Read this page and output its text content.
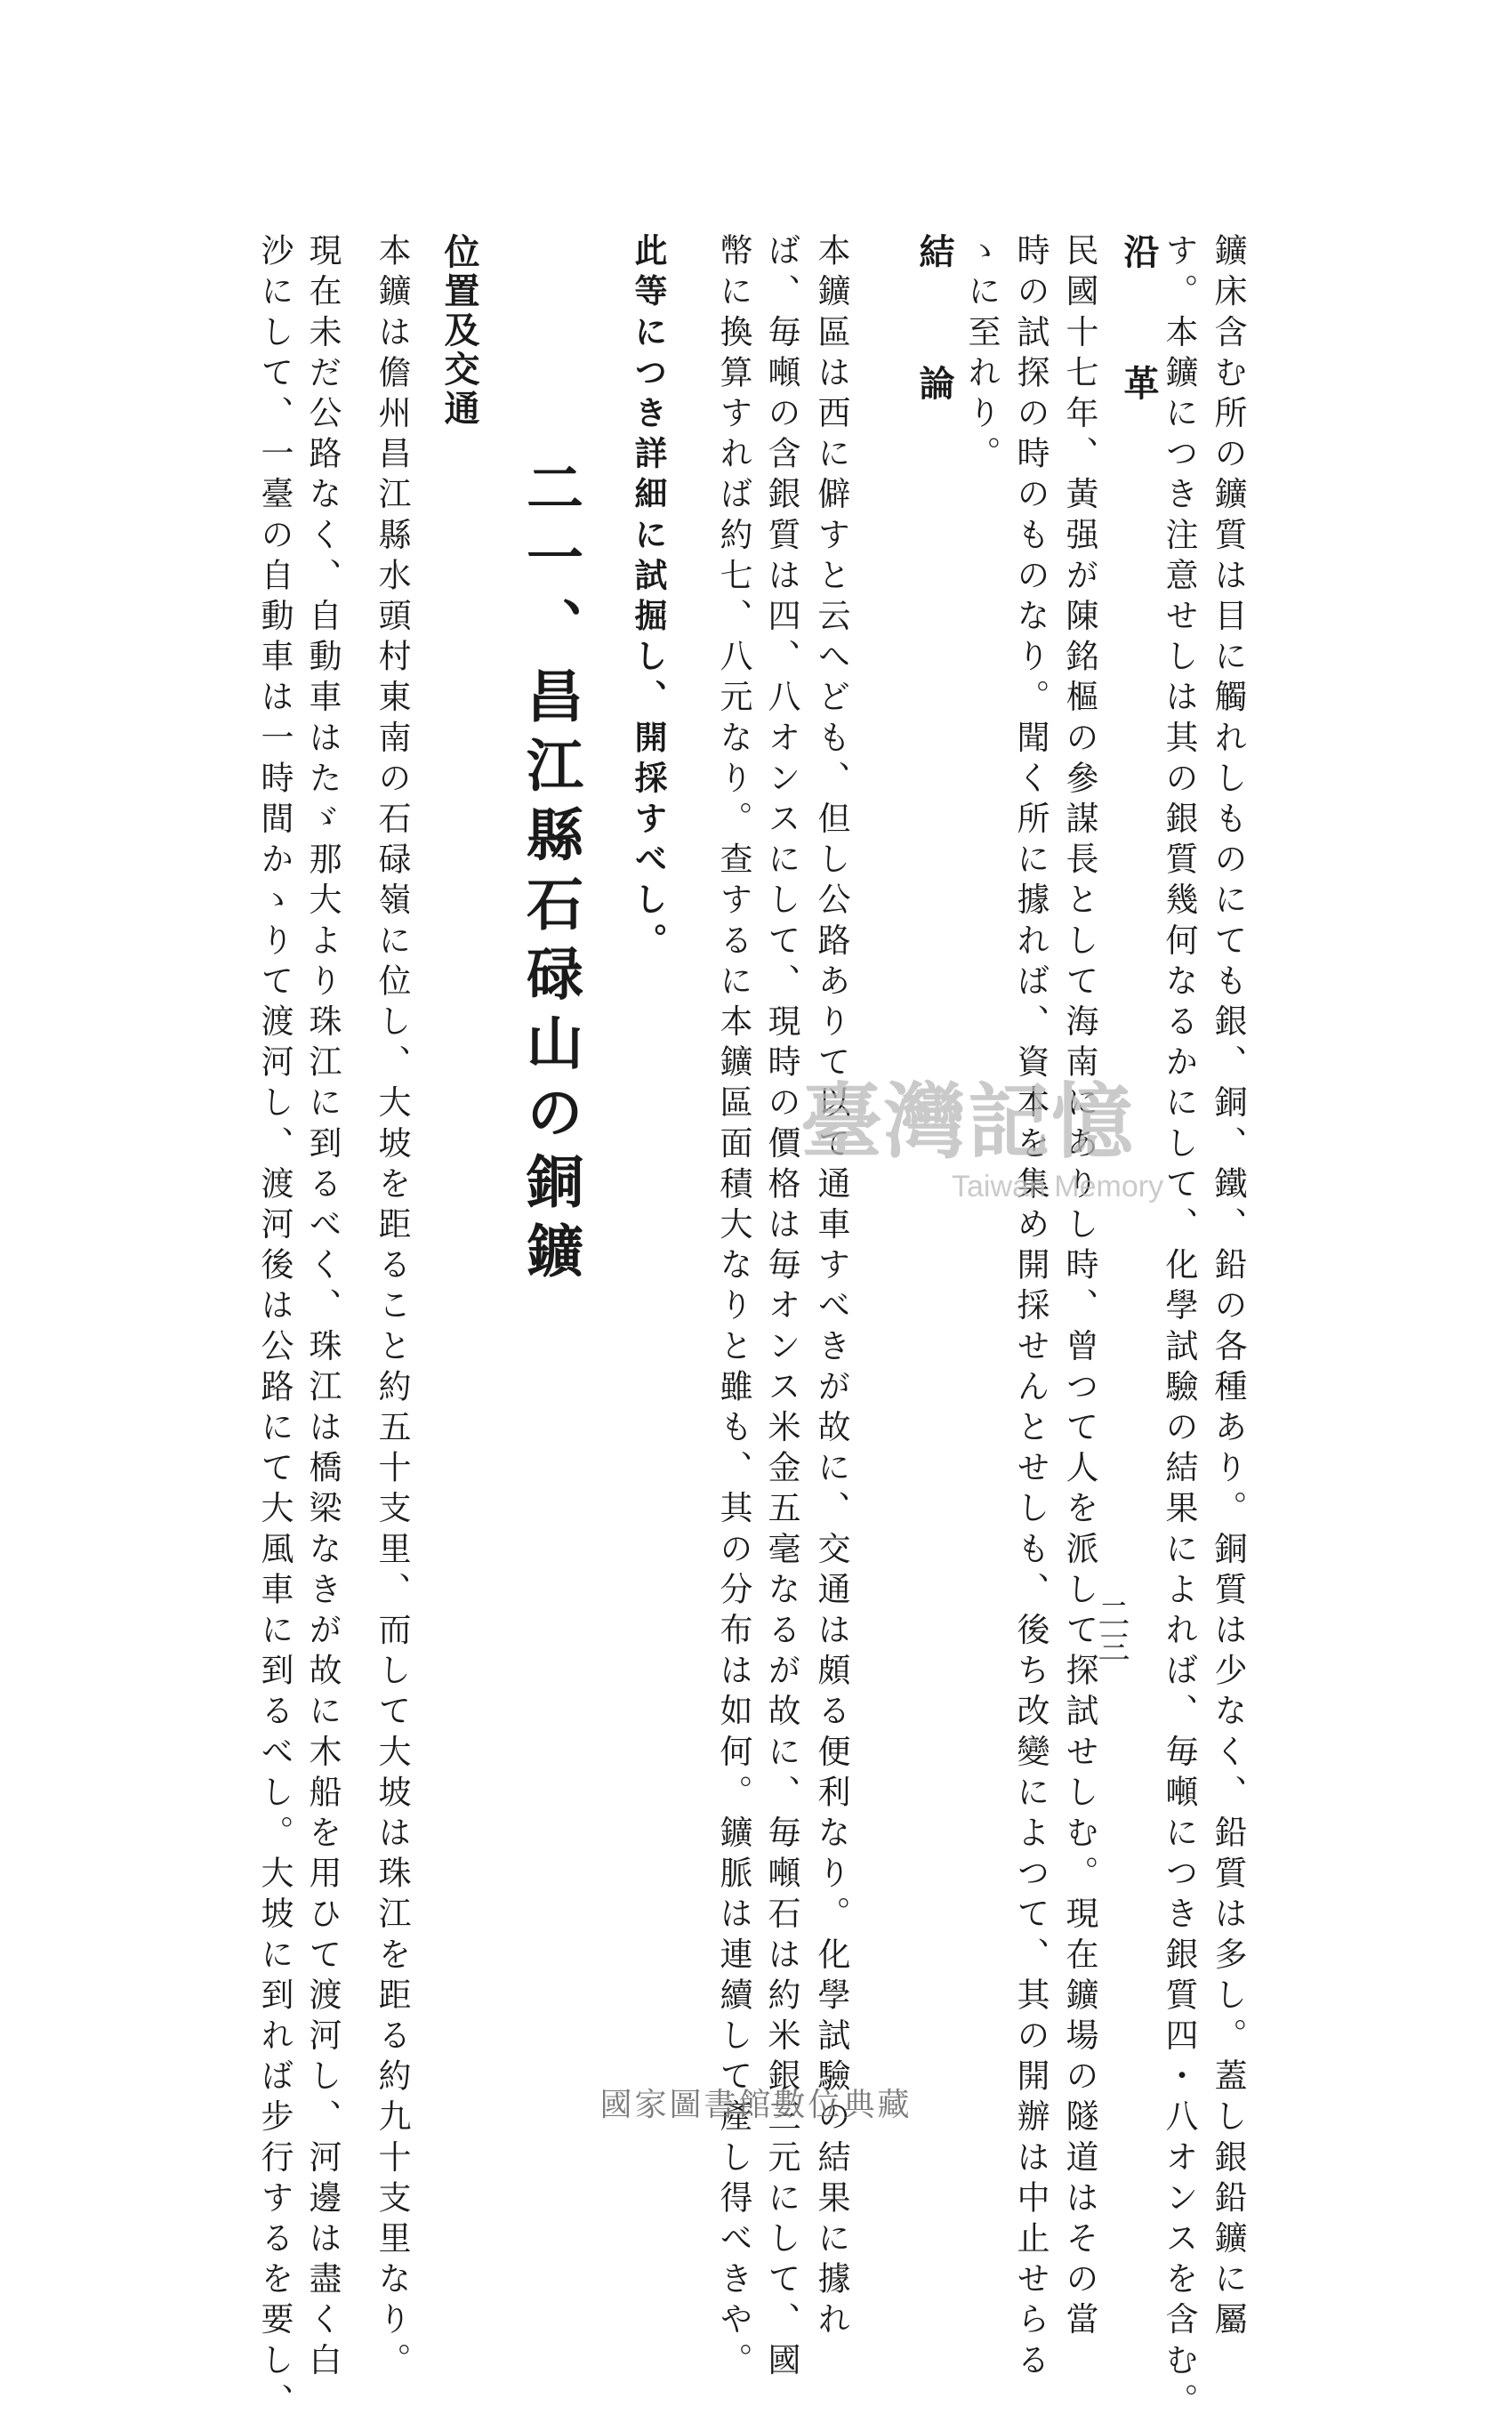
鑛床含む所の鑛質は目に觸れしものにても銀、銅、鐵、鉛の各種あり。銅質は少なく、鉛質は多し。蓋し銀鉛鑛に屬
す。本鑛につき注意せしは其の銀質幾何なるかにして、化學試驗の結果によれば、毎噸につき銀質四・八オンスを含む。
沿　革
民國十七年、黃强が陳銘樞の參謀長として海南にありし時、曾つて人を派して探試せしむ。現在鑛場の隧道はその當
時の試探の時のものなり。聞く所に據れば、資本を集め開採せんとせしも、後ち改變によつて、其の開辦は中止せらる
ゝに至れり。
結　論
本鑛區は西に僻すと云へども、但し公路ありて以て通車すべきが故に、交通は頗る便利なり。化學試驗の結果に據れ
ば、毎噸の含銀質は四、八オンスにして、現時の價格は毎オンス米金五毫なるが故に、毎噸石は約米銀三元にして、國
幣に換算すれば約七、八元なり。查するに本鑛區面積大なりと雖も、其の分布は如何。鑛脈は連續して產し得べきや。
此等につき詳細に試掘し、開採すべし。
二一、昌江縣石碌山の銅鑛
位置及交通
本鑛は儋州昌江縣水頭村東南の石碌嶺に位し、大坡を距ること約五十支里、而して大坡は珠江を距る約九十支里なり。
現在未だ公路なく、自動車はたゞ那大より珠江に到るべく、珠江は橋梁なきが故に木船を用ひて渡河し、河邊は盡く白
沙にして、一臺の自動車は一時間かゝりて渡河し、渡河後は公路にて大風車に到るべし。大坡に到れば步行するを要し、	二三
臺灣記憶
Taiwan Memory
國家圖書館數位典藏
